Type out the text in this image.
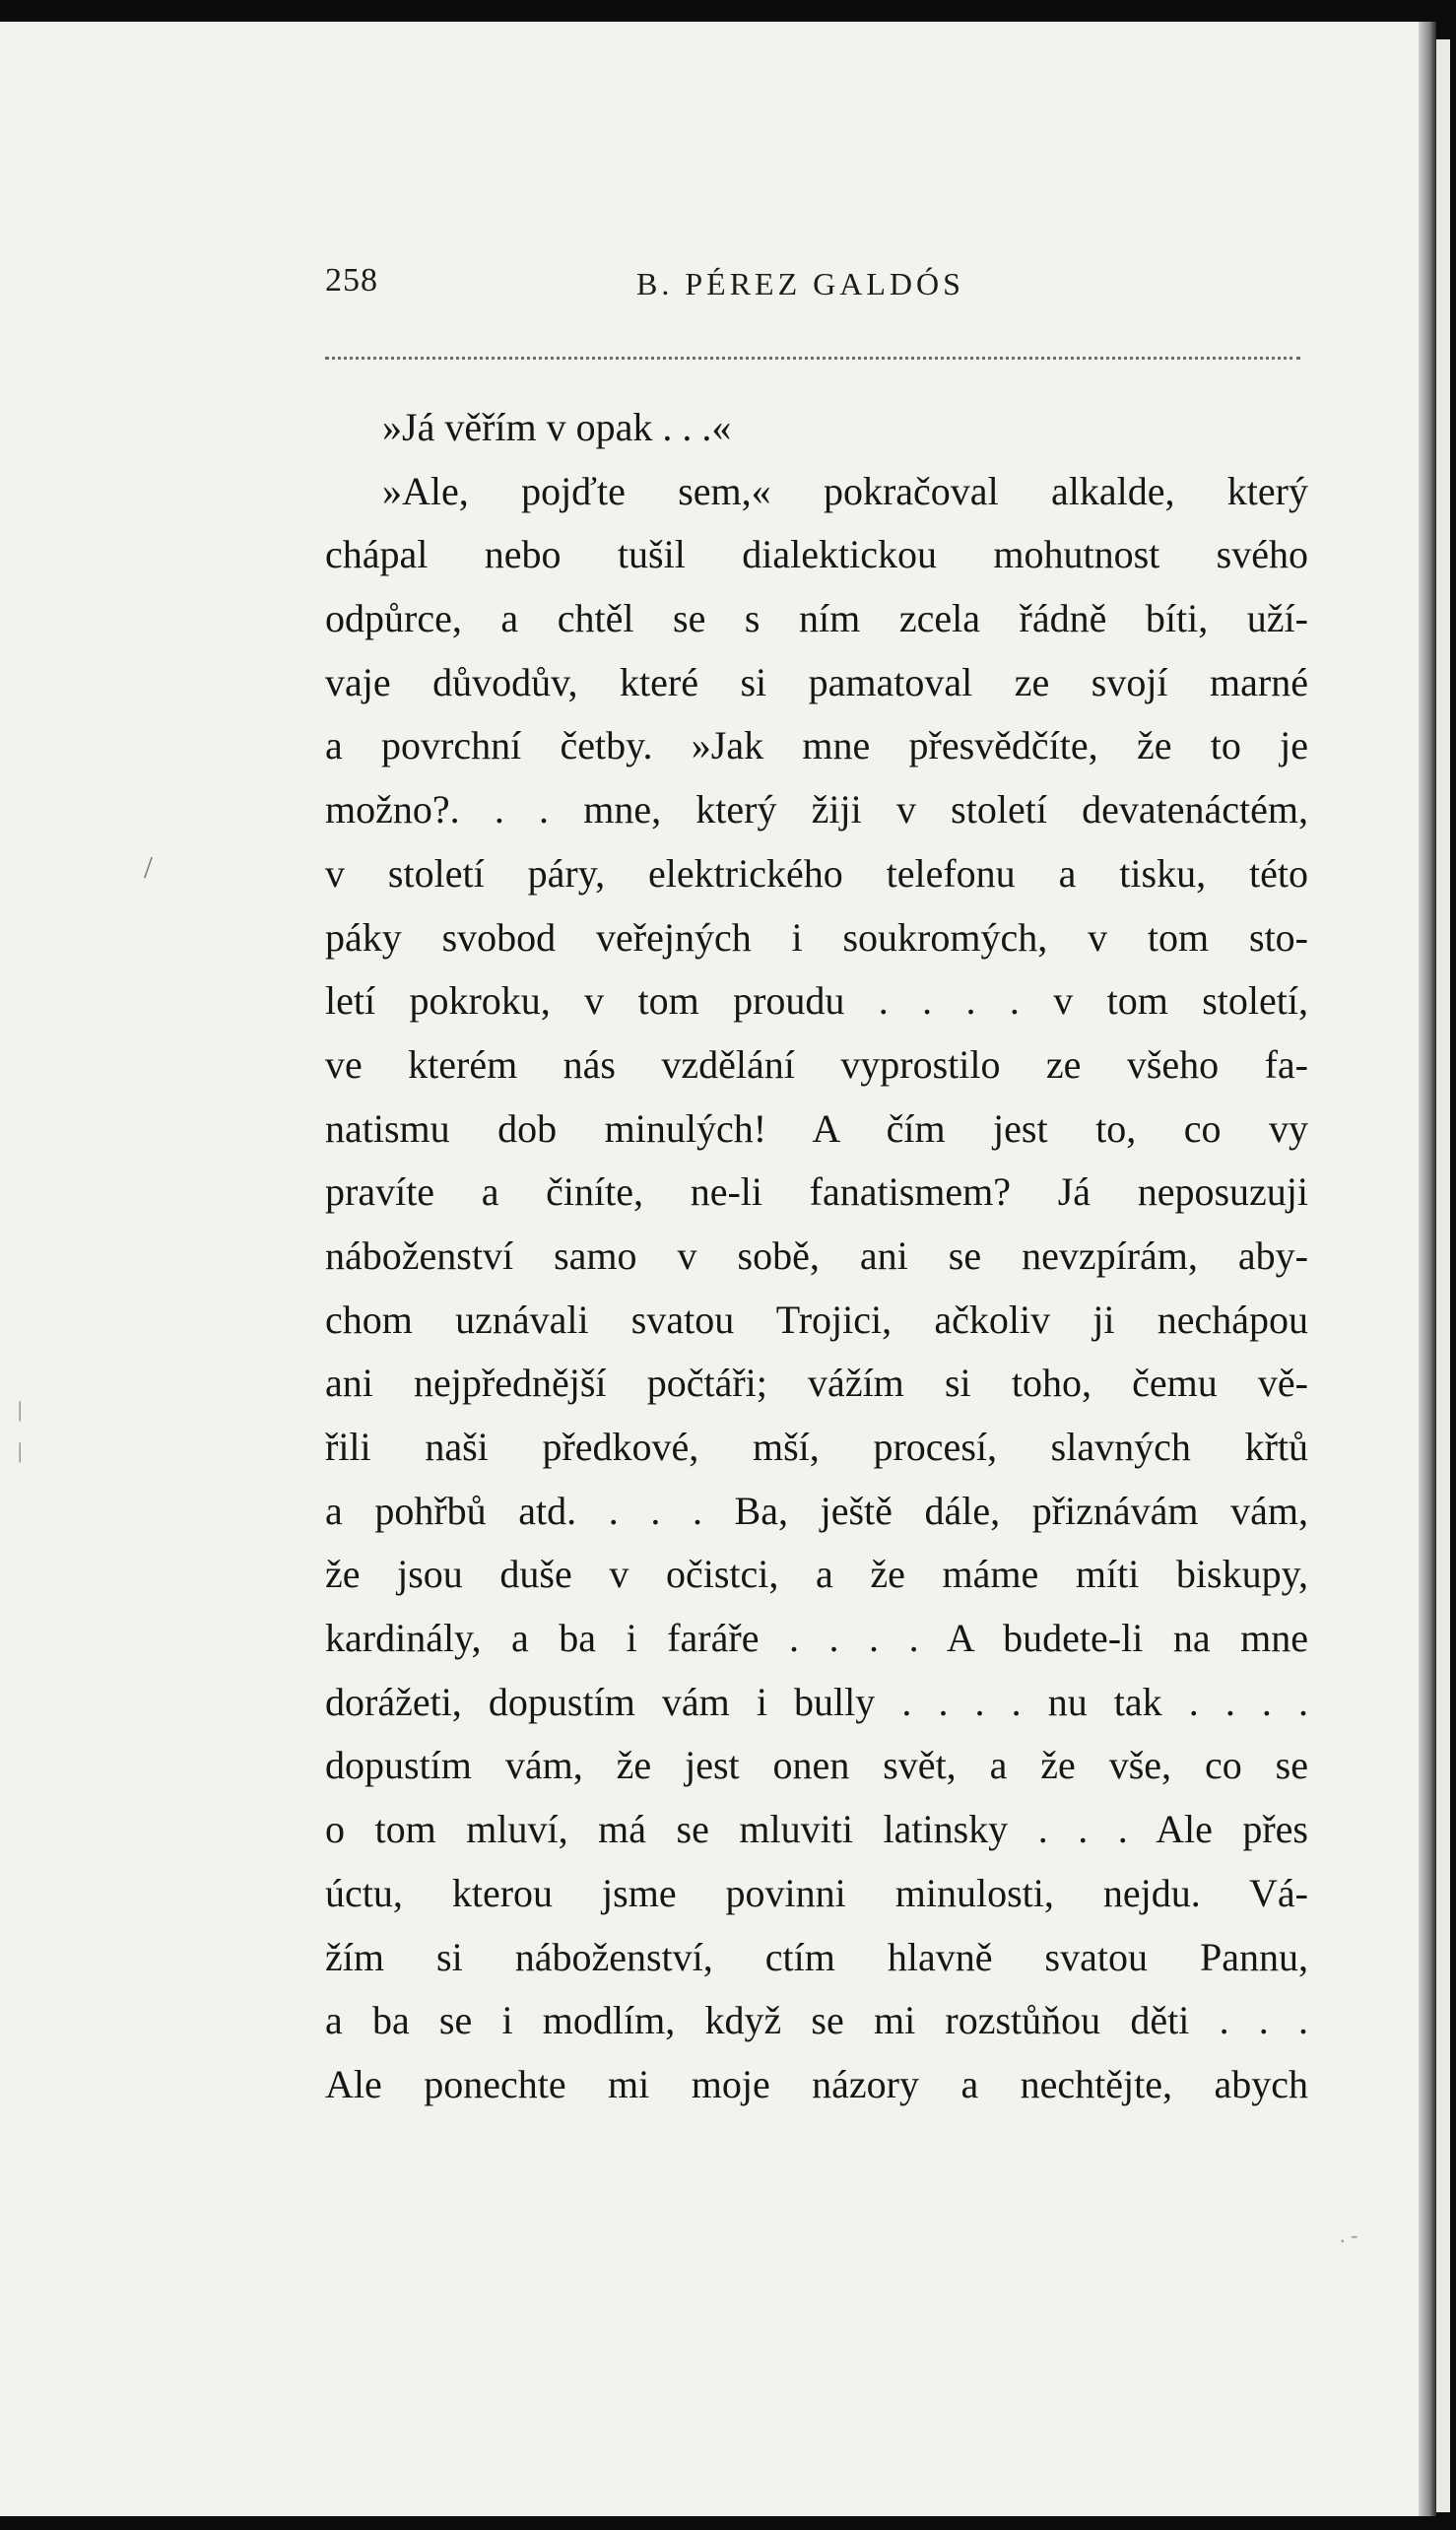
258	B. PÉREZ GALDÓS
»Já věřím v opak . . .«
»Ale, pojďte sem,« pokračoval alkalde, který
chápal nebo tušil dialektickou mohutnost svého
odpůrce, a chtěl se s ním zcela řádně bíti, uží-
vaje důvodův, které si pamatoval ze svojí marné
a povrchní četby. »Jak mne přesvědčíte, že to je
možno?. . . mne, který žiji v století devatenáctém,
v století páry, elektrického telefonu a tisku, této
páky svobod veřejných i soukromých, v tom sto-
letí pokroku, v tom proudu . . . . v tom století,
ve kterém nás vzdělání vyprostilo ze všeho fa-
natismu dob minulých! A čím jest to, co vy
pravíte a činíte, ne-li fanatismem? Já neposuzuji
náboženství samo v sobě, ani se nevzpírám, aby-
chom uznávali svatou Trojici, ačkoliv ji nechápou
ani nejpřednější počtáři; vážím si toho, čemu vě-
řili naši předkové, mší, procesí, slavných křtů
a pohřbů atd. . . . Ba, ještě dále, přiznávám vám,
že jsou duše v očistci, a že máme míti biskupy,
kardinály, a ba i faráře . . . . A budete-li na mne
dorážeti, dopustím vám i bully . . . . nu tak . . . .
dopustím vám, že jest onen svět, a že vše, co se
o tom mluví, má se mluviti latinsky . . . Ale přes
úctu, kterou jsme povinni minulosti, nejdu. Vá-
žím si náboženství, ctím hlavně svatou Pannu,
a ba se i modlím, když se mi rozstůňou děti . . .
Ale ponechte mi moje názory a nechtějte, abych
/
|
|
. -
